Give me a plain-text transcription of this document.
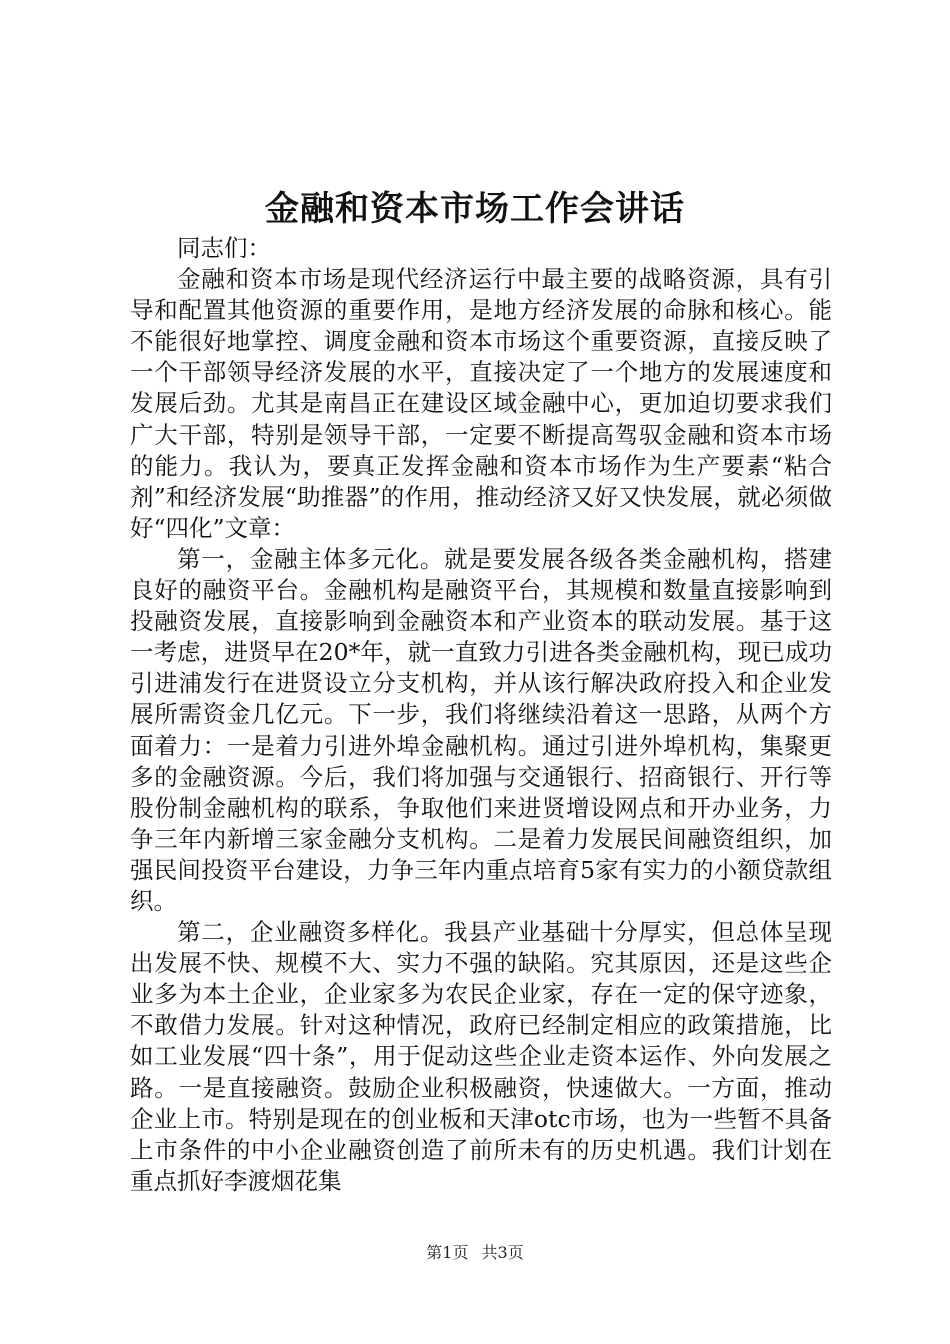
金融和资本市场工作会讲话

同志们：

金融和资本市场是现代经济运行中最主要的战略资源，具有引导和配置其他资源的重要作用，是地方经济发展的命脉和核心。能不能很好地掌控、调度金融和资本市场这个重要资源，直接反映了一个干部领导经济发展的水平，直接决定了一个地方的发展速度和发展后劲。尤其是南昌正在建设区域金融中心，更加迫切要求我们广大干部，特别是领导干部，一定要不断提高驾驭金融和资本市场的能力。我认为，要真正发挥金融和资本市场作为生产要素“粘合剂”和经济发展“助推器”的作用，推动经济又好又快发展，就必须做好“四化”文章：

第一，金融主体多元化。就是要发展各级各类金融机构，搭建良好的融资平台。金融机构是融资平台，其规模和数量直接影响到投融资发展，直接影响到金融资本和产业资本的联动发展。基于这一考虑，进贤早在20*年，就一直致力引进各类金融机构，现已成功引进浦发行在进贤设立分支机构，并从该行解决政府投入和企业发展所需资金几亿元。下一步，我们将继续沿着这一思路，从两个方面着力：一是着力引进外埠金融机构。通过引进外埠机构，集聚更多的金融资源。今后，我们将加强与交通银行、招商银行、开行等股份制金融机构的联系，争取他们来进贤增设网点和开办业务，力争三年内新增三家金融分支机构。二是着力发展民间融资组织，加强民间投资平台建设，力争三年内重点培育5家有实力的小额贷款组织。

第二，企业融资多样化。我县产业基础十分厚实，但总体呈现出发展不快、规模不大、实力不强的缺陷。究其原因，还是这些企业多为本土企业，企业家多为农民企业家，存在一定的保守迹象，不敢借力发展。针对这种情况，政府已经制定相应的政策措施，比如工业发展“四十条”，用于促动这些企业走资本运作、外向发展之路。一是直接融资。鼓励企业积极融资，快速做大。一方面，推动企业上市。特别是现在的创业板和天津otc市场，也为一些暂不具备上市条件的中小企业融资创造了前所未有的历史机遇。我们计划在重点抓好李渡烟花集

第1页 共3页
